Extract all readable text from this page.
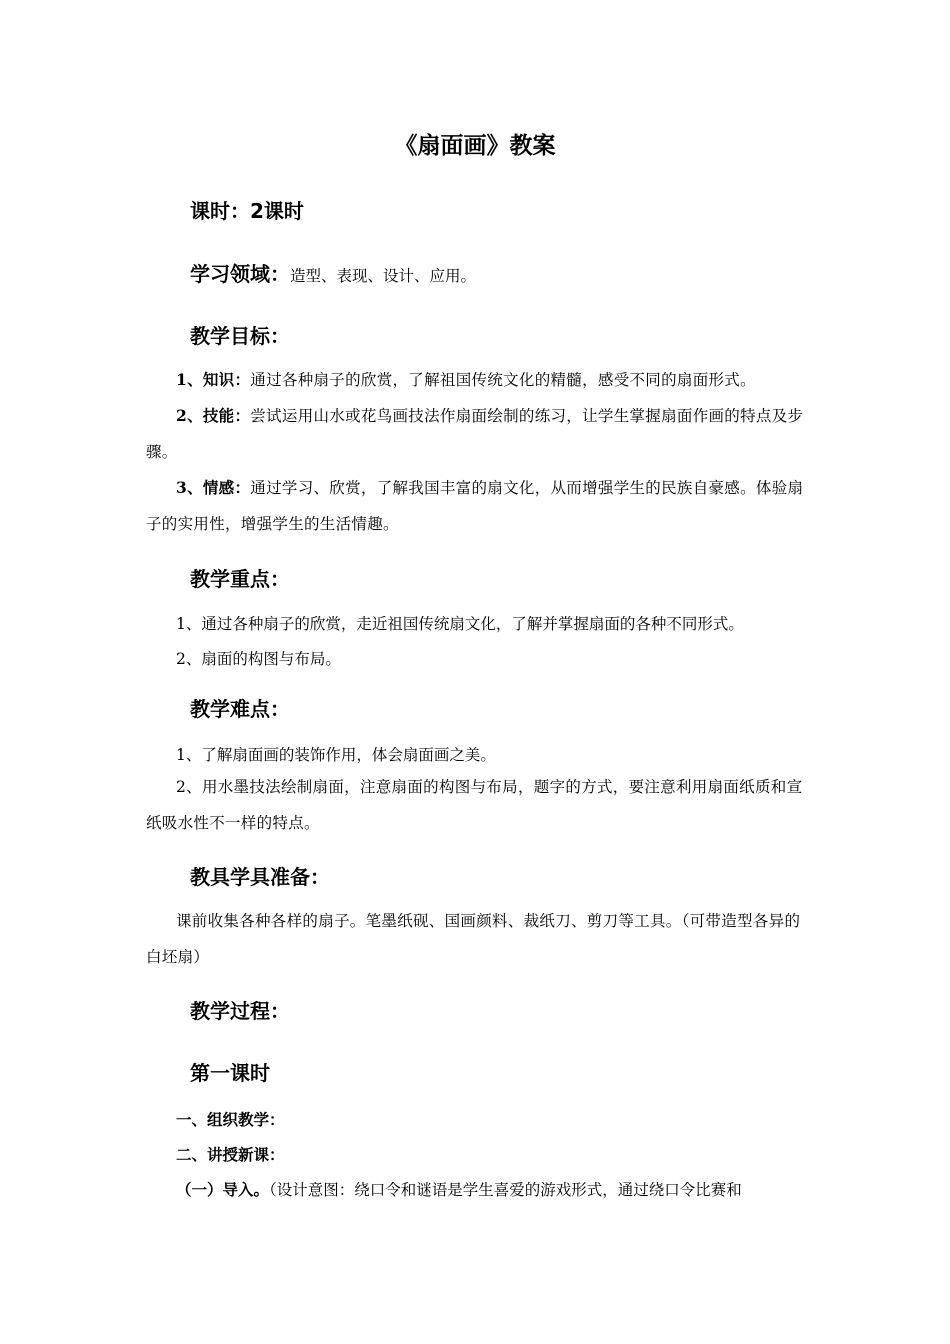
《扇面画》教案
课时：2课时
学习领域：造型、表现、设计、应用。
教学目标：
1、知识：通过各种扇子的欣赏，了解祖国传统文化的精髓，感受不同的扇面形式。
2、技能：尝试运用山水或花鸟画技法作扇面绘制的练习，让学生掌握扇面作画的特点及步骤。
3、情感：通过学习、欣赏，了解我国丰富的扇文化，从而增强学生的民族自豪感。体验扇子的实用性，增强学生的生活情趣。
教学重点：
1、通过各种扇子的欣赏，走近祖国传统扇文化，了解并掌握扇面的各种不同形式。
2、扇面的构图与布局。
教学难点：
1、了解扇面画的装饰作用，体会扇面画之美。
2、用水墨技法绘制扇面，注意扇面的构图与布局，题字的方式，要注意利用扇面纸质和宣纸吸水性不一样的特点。
教具学具准备：
课前收集各种各样的扇子。笔墨纸砚、国画颜料、裁纸刀、剪刀等工具。（可带造型各异的白坯扇）
教学过程：
第一课时
一、组织教学：
二、讲授新课：
（一）导入。（设计意图：绕口令和谜语是学生喜爱的游戏形式，通过绕口令比赛和
